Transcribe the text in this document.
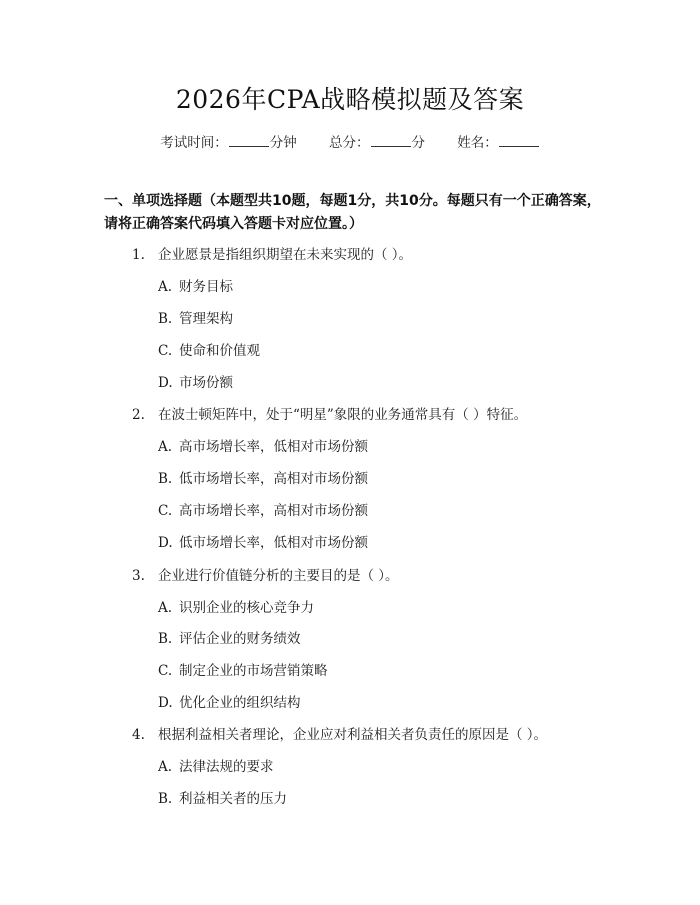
2026年CPA战略模拟题及答案
考试时间：	分钟 总分：	分 姓名：
一、单项选择题（本题型共10题，每题1分，共10分。每题只有一个正确答案，请将正确答案代码填入答题卡对应位置。）
1. 企业愿景是指组织期望在未来实现的（ ）。
A. 财务目标
B. 管理架构
C. 使命和价值观
D. 市场份额
2. 在波士顿矩阵中，处于“明星”象限的业务通常具有（ ）特征。
A. 高市场增长率，低相对市场份额
B. 低市场增长率，高相对市场份额
C. 高市场增长率，高相对市场份额
D. 低市场增长率，低相对市场份额
3. 企业进行价值链分析的主要目的是（ ）。
A. 识别企业的核心竞争力
B. 评估企业的财务绩效
C. 制定企业的市场营销策略
D. 优化企业的组织结构
4. 根据利益相关者理论，企业应对利益相关者负责任的原因是（ ）。
A. 法律法规的要求
B. 利益相关者的压力
